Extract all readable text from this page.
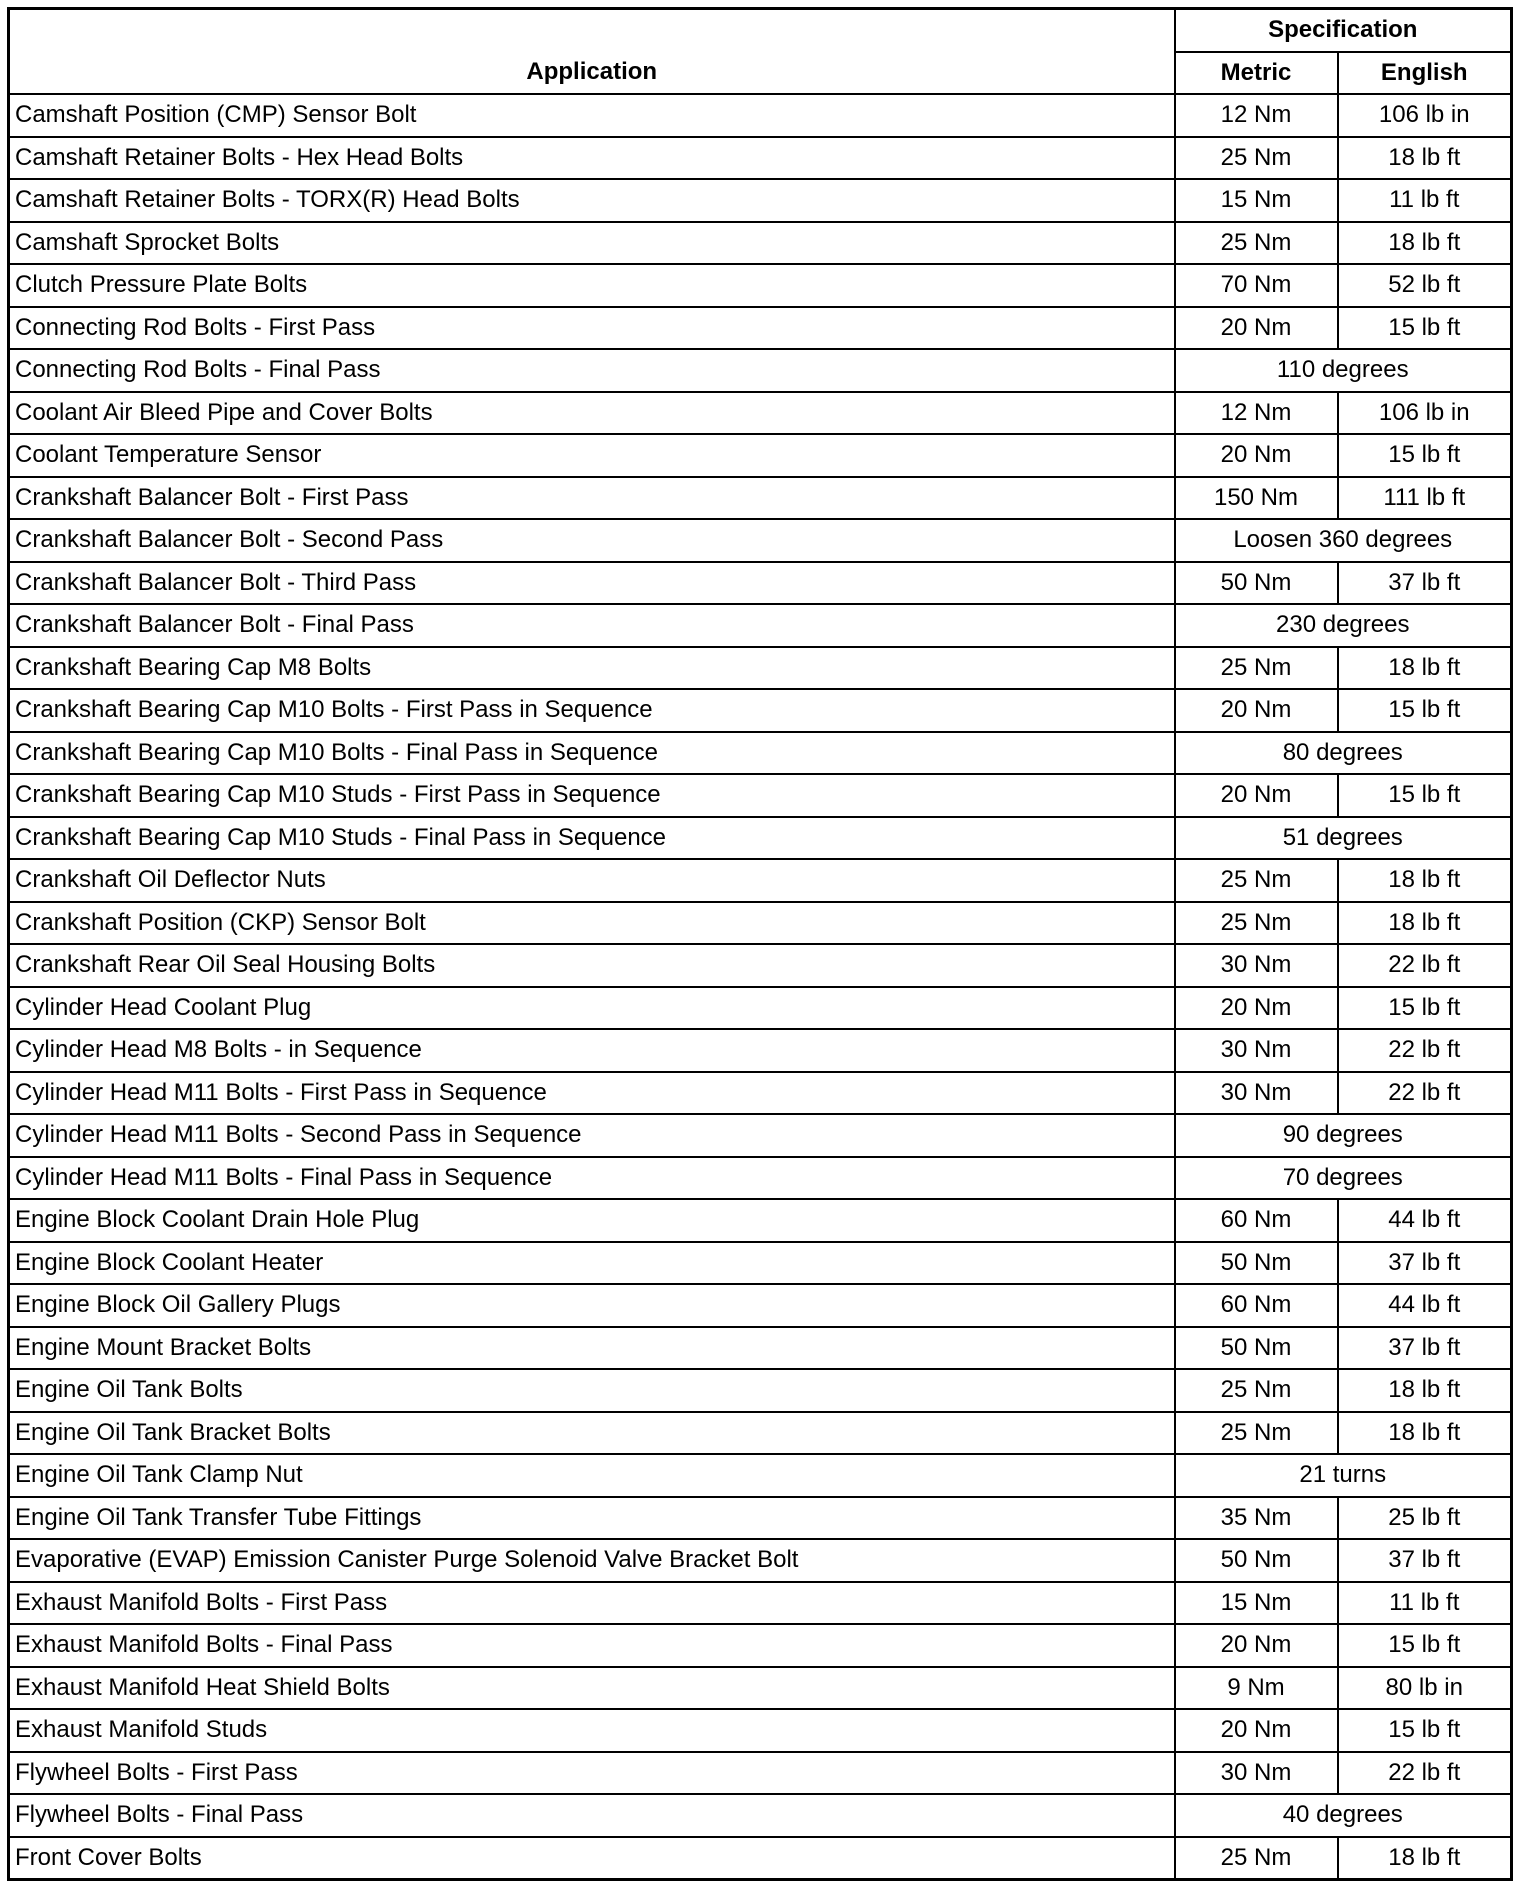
Application	Specification	
	Metric	English
Camshaft Position (CMP) Sensor Bolt	12 Nm	106 lb in
Camshaft Retainer Bolts - Hex Head Bolts	25 Nm	18 lb ft
Camshaft Retainer Bolts - TORX(R) Head Bolts	15 Nm	11 lb ft
Camshaft Sprocket Bolts	25 Nm	18 lb ft
Clutch Pressure Plate Bolts	70 Nm	52 lb ft
Connecting Rod Bolts - First Pass	20 Nm	15 lb ft
Connecting Rod Bolts - Final Pass	110 degrees	
Coolant Air Bleed Pipe and Cover Bolts	12 Nm	106 lb in
Coolant Temperature Sensor	20 Nm	15 lb ft
Crankshaft Balancer Bolt - First Pass	150 Nm	111 lb ft
Crankshaft Balancer Bolt - Second Pass	Loosen 360 degrees	
Crankshaft Balancer Bolt - Third Pass	50 Nm	37 lb ft
Crankshaft Balancer Bolt - Final Pass	230 degrees	
Crankshaft Bearing Cap M8 Bolts	25 Nm	18 lb ft
Crankshaft Bearing Cap M10 Bolts - First Pass in Sequence	20 Nm	15 lb ft
Crankshaft Bearing Cap M10 Bolts - Final Pass in Sequence	80 degrees	
Crankshaft Bearing Cap M10 Studs - First Pass in Sequence	20 Nm	15 lb ft
Crankshaft Bearing Cap M10 Studs - Final Pass in Sequence	51 degrees	
Crankshaft Oil Deflector Nuts	25 Nm	18 lb ft
Crankshaft Position (CKP) Sensor Bolt	25 Nm	18 lb ft
Crankshaft Rear Oil Seal Housing Bolts	30 Nm	22 lb ft
Cylinder Head Coolant Plug	20 Nm	15 lb ft
Cylinder Head M8 Bolts - in Sequence	30 Nm	22 lb ft
Cylinder Head M11 Bolts - First Pass in Sequence	30 Nm	22 lb ft
Cylinder Head M11 Bolts - Second Pass in Sequence	90 degrees	
Cylinder Head M11 Bolts - Final Pass in Sequence	70 degrees	
Engine Block Coolant Drain Hole Plug	60 Nm	44 lb ft
Engine Block Coolant Heater	50 Nm	37 lb ft
Engine Block Oil Gallery Plugs	60 Nm	44 lb ft
Engine Mount Bracket Bolts	50 Nm	37 lb ft
Engine Oil Tank Bolts	25 Nm	18 lb ft
Engine Oil Tank Bracket Bolts	25 Nm	18 lb ft
Engine Oil Tank Clamp Nut	21 turns	
Engine Oil Tank Transfer Tube Fittings	35 Nm	25 lb ft
Evaporative (EVAP) Emission Canister Purge Solenoid Valve Bracket Bolt	50 Nm	37 lb ft
Exhaust Manifold Bolts - First Pass	15 Nm	11 lb ft
Exhaust Manifold Bolts - Final Pass	20 Nm	15 lb ft
Exhaust Manifold Heat Shield Bolts	9 Nm	80 lb in
Exhaust Manifold Studs	20 Nm	15 lb ft
Flywheel Bolts - First Pass	30 Nm	22 lb ft
Flywheel Bolts - Final Pass	40 degrees	
Front Cover Bolts	25 Nm	18 lb ft
